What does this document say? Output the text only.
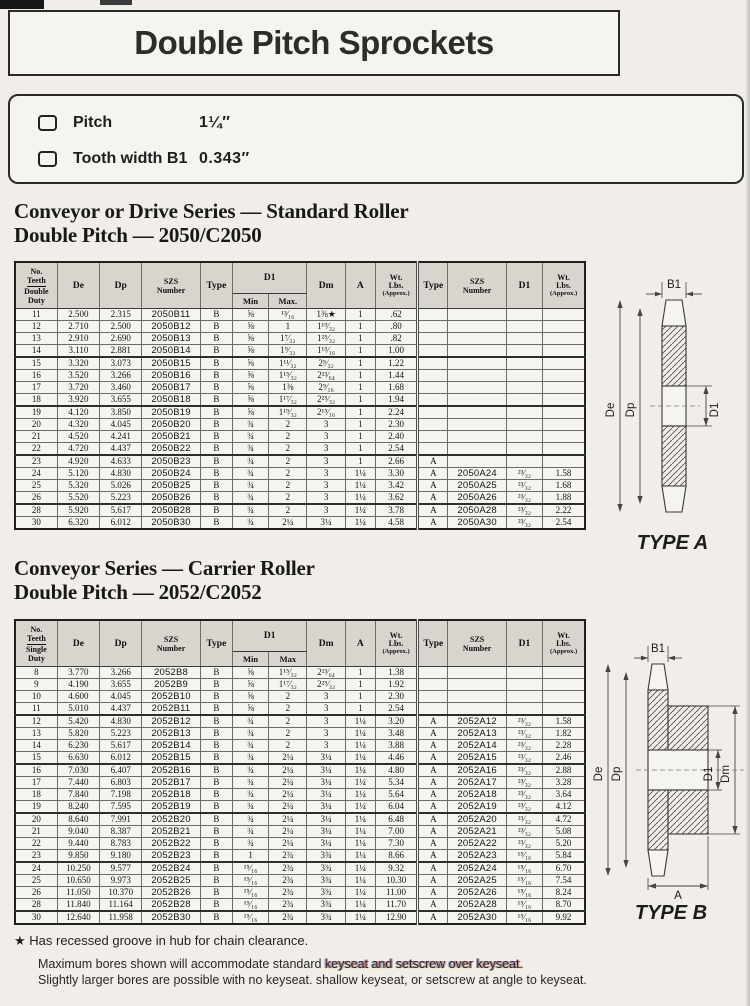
Double Pitch Sprockets
Pitch	1¼″
Tooth width B1 0.343″
Conveyor or Drive Series — Standard Roller
Double Pitch — 2050/C2050
No.
Teeth
Double
Duty
	De	Dp	SZS
Number	Type	D1	Dm	A	
Wt.
Lbs.
(Approx.)
	Type	SZS
Number	D1	
Wt.
Lbs.
(Approx.)

					Min	Max.							
11	2.500	2.315	2050B11	B	⅝	¹³⁄₁₆	1⅜★	1	.62				
12	2.710	2.500	2050B12	B	⅝	1	1¹⁹⁄₃₂	1	.80				
13	2.910	2.690	2050B13	B	⅝	1⁷⁄₃₂	1²⁵⁄₃₂	1	.82				
14	3.110	2.881	2050B14	B	⅝	1⁹⁄₃₂	1¹⁵⁄₁₆	1	1.00				
15	3.320	3.073	2050B15	B	⅝	1¹¹⁄₃₂	2⁵⁄₃₂	1	1.22				
16	3.520	3.266	2050B16	B	⅝	1¹⁵⁄₃₂	2²³⁄₆₄	1	1.44				
17	3.720	3.460	2050B17	B	⅝	1⅜	2⁹⁄₁₆	1	1.68				
18	3.920	3.655	2050B18	B	⅝	1¹⁷⁄₃₂	2²⁵⁄₃₂	1	1.94				
19	4.120	3.850	2050B19	B	⅝	1¹⁹⁄₃₂	2¹⁵⁄₁₆	1	2.24				
20	4.320	4.045	2050B20	B	¾	2	3	1	2.30				
21	4.520	4.241	2050B21	B	¾	2	3	1	2.40				
22	4.720	4.437	2050B22	B	¾	2	3	1	2.54				
23	4.920	4.633	2050B23	B	¾	2	3	1	2.66	A			
24	5.120	4.830	2050B24	B	¾	2	3	1¼	3.30	A	2050A24	²³⁄₃₂	1.58
25	5.320	5.026	2050B25	B	¾	2	3	1¼	3.42	A	2050A25	²³⁄₃₂	1.68
26	5.520	5.223	2050B26	B	¾	2	3	1¼	3.62	A	2050A26	²³⁄₃₂	1.88
28	5.920	5.617	2050B28	B	¾	2	3	1¼	3.78	A	2050A28	²³⁄₃₂	2.22
30	6.320	6.012	2050B30	B	¾	2¼	3¼	1¼	4.58	A	2050A30	²³⁄₃₂	2.54
B1
De Dp	D1
TYPE A
Conveyor Series — Carrier Roller
Double Pitch — 2052/C2052
No.
Teeth
Single
Duty
	De	Dp	SZS
Number	Type	D1	Dm	A	
Wt.
Lbs.
(Approx.)
	Type	SZS
Number	D1	
Wt.
Lbs.
(Approx.)

					Min	Max							
8	3.770	3.266	2052B8	B	⅝	1¹⁵⁄₃₂	2²³⁄₆₄	1	1.38				
9	4.190	3.655	2052B9	B	⅝	1¹⁷⁄₃₂	2²⁵⁄₃₂	1	1.92				
10	4.600	4.045	2052B10	B	⅝	2	3	1	2.30				
11	5.010	4.437	2052B11	B	⅝	2	3	1	2.54				
12	5.420	4.830	2052B12	B	¾	2	3	1¼	3.20	A	2052A12	²³⁄₃₂	1.58
13	5.820	5.223	2052B13	B	¾	2	3	1¼	3.48	A	2052A13	²³⁄₃₂	1.82
14	6.230	5.617	2052B14	B	¾	2	3	1¼	3.88	A	2052A14	²³⁄₃₂	2.28
15	6.630	6.012	2052B15	B	¾	2¼	3¼	1¼	4.46	A	2052A15	²³⁄₃₂	2.46
16	7.030	6.407	2052B16	B	¾	2¼	3¼	1¼	4.80	A	2052A16	²³⁄₃₂	2.88
17	7.440	6.803	2052B17	B	¾	2¼	3¼	1¼	5.34	A	2052A17	²³⁄₃₂	3.28
18	7.840	7.198	2052B18	B	¾	2¼	3¼	1¼	5.64	A	2052A18	²³⁄₃₂	3.64
19	8.240	7.595	2052B19	B	¾	2¼	3¼	1¼	6.04	A	2052A19	²³⁄₃₂	4.12
20	8.640	7.991	2052B20	B	¾	2¼	3¼	1¼	6.48	A	2052A20	²³⁄₃₂	4.72
21	9.040	8.387	2052B21	B	¾	2¼	3¼	1¼	7.00	A	2052A21	²³⁄₃₂	5.08
22	9.440	8.783	2052B22	B	¾	2¼	3¼	1¼	7.30	A	2052A22	²³⁄₃₂	5.20
23	9.850	9.180	2052B23	B	1	2¾	3¾	1¼	8.66	A	2052A23	¹⁵⁄₁₆	5.84
24	10.250	9.577	2052B24	B	¹⁵⁄₁₆	2¾	3¾	1¼	9.32	A	2052A24	¹⁵⁄₁₆	6.70
25	10.650	9.973	2052B25	B	¹⁵⁄₁₆	2¾	3¾	1¼	10.30	A	2052A25	¹⁵⁄₁₆	7.54
26	11.050	10.370	2052B26	B	¹⁵⁄₁₆	2¾	3¾	1¼	11.00	A	2052A26	¹⁵⁄₁₆	8.24
28	11.840	11.164	2052B28	B	¹⁵⁄₁₆	2¾	3¾	1¼	11.70	A	2052A28	¹⁵⁄₁₆	8.70
30	12.640	11.958	2052B30	B	¹⁵⁄₁₆	2¾	3¾	1¼	12.90	A	2052A30	¹⁵⁄₁₆	9.92
B1
De Dp	D1 Dm
A
TYPE B
★ Has recessed groove in hub for chain clearance.
Maximum bores shown will accommodate standard keyseat and setscrew over keyseat.
Slightly larger bores are possible with no keyseat. shallow keyseat, or setscrew at angle to keyseat.
